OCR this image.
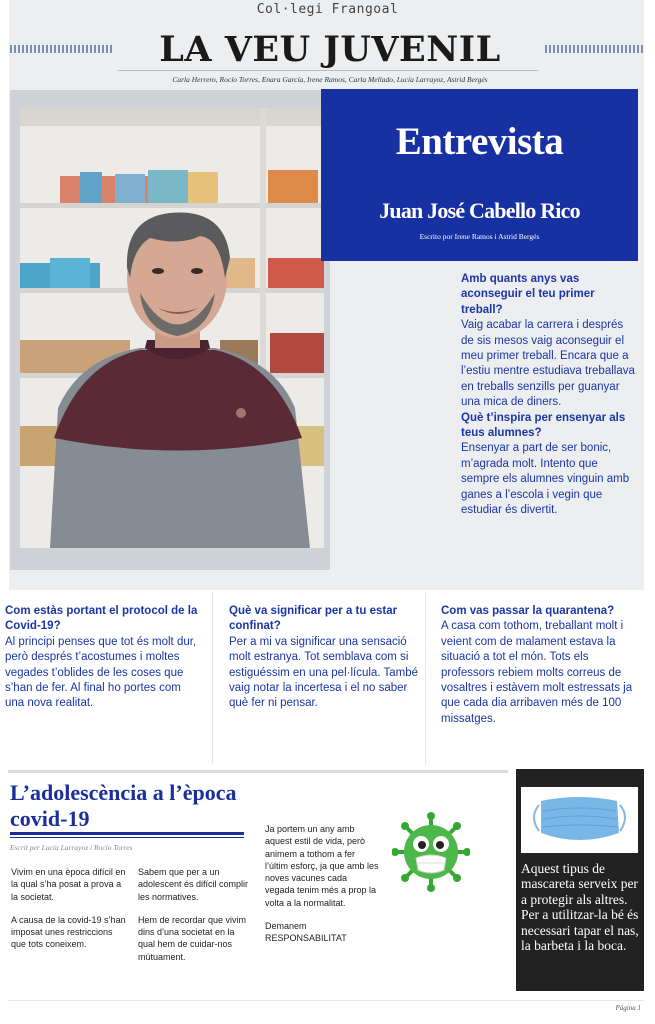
Col·legi Frangoal
LA VEU JUVENIL
Carla Herrero, Rocío Torres, Enara García, Irene Ramos, Carla Mellado, Lucía Larrayoz, Astrid Bergés
Entrevista
Juan José Cabello Rico
Escrito por Irene Ramos i Astrid Bergés
Amb quants anys vas aconseguir el teu primer treball?
Vaig acabar la carrera i després de sis mesos vaig aconseguir el meu primer treball. Encara que a l’estiu mentre estudiava treballava en treballs senzills per guanyar una mica de diners.
Què t’inspira per ensenyar als teus alumnes?
Ensenyar a part de ser bonic, m’agrada molt. Intento que sempre els alumnes vinguin amb ganes a l’escola i vegin que estudiar és divertit.
Com estàs portant el protocol de la Covid-19?
Al principi penses que tot és molt dur, però després t’acostumes i moltes vegades t’oblides de les coses que s’han de fer. Al final ho portes com una nova realitat.
Què va significar per a tu estar confinat?
Per a mi va significar una sensació molt estranya. Tot semblava com si estiguéssim en una pel·lícula. També vaig notar la incertesa i el no saber què fer ni pensar.
Com vas passar la quarantena?
A casa com tothom, treballant molt i veient com de malament estava la situació a tot el món. Tots els professors rebiem molts correus de vosaltres i estàvem molt estressats ja que cada dia arribaven més de 100 missatges.
L’adolescència a l’època covid-19
Escrit per Lucía Larrayoz i Rocío Torres
Vivim en una època difícil en la qual s’ha posat a prova a la societat.
A causa de la covid-19 s’han imposat unes restriccions que tots coneixem.
Sabem que per a un adolescent és difícil complir les normatives.
Hem de recordar que vivim dins d’una societat en la qual hem de cuidar-nos mútuament.
Ja portem un any amb aquest estil de vida, però animem a tothom a fer l’últim esforç, ja que amb les noves vacunes cada vegada tenim més a prop la volta a la normalitat.
Demanem RESPONSABILITAT
Aquest tipus de mascareta serveix per a protegir als altres. Per a utilitzar-la bé és necessari tapar el nas, la barbeta i la boca.
Página 1
